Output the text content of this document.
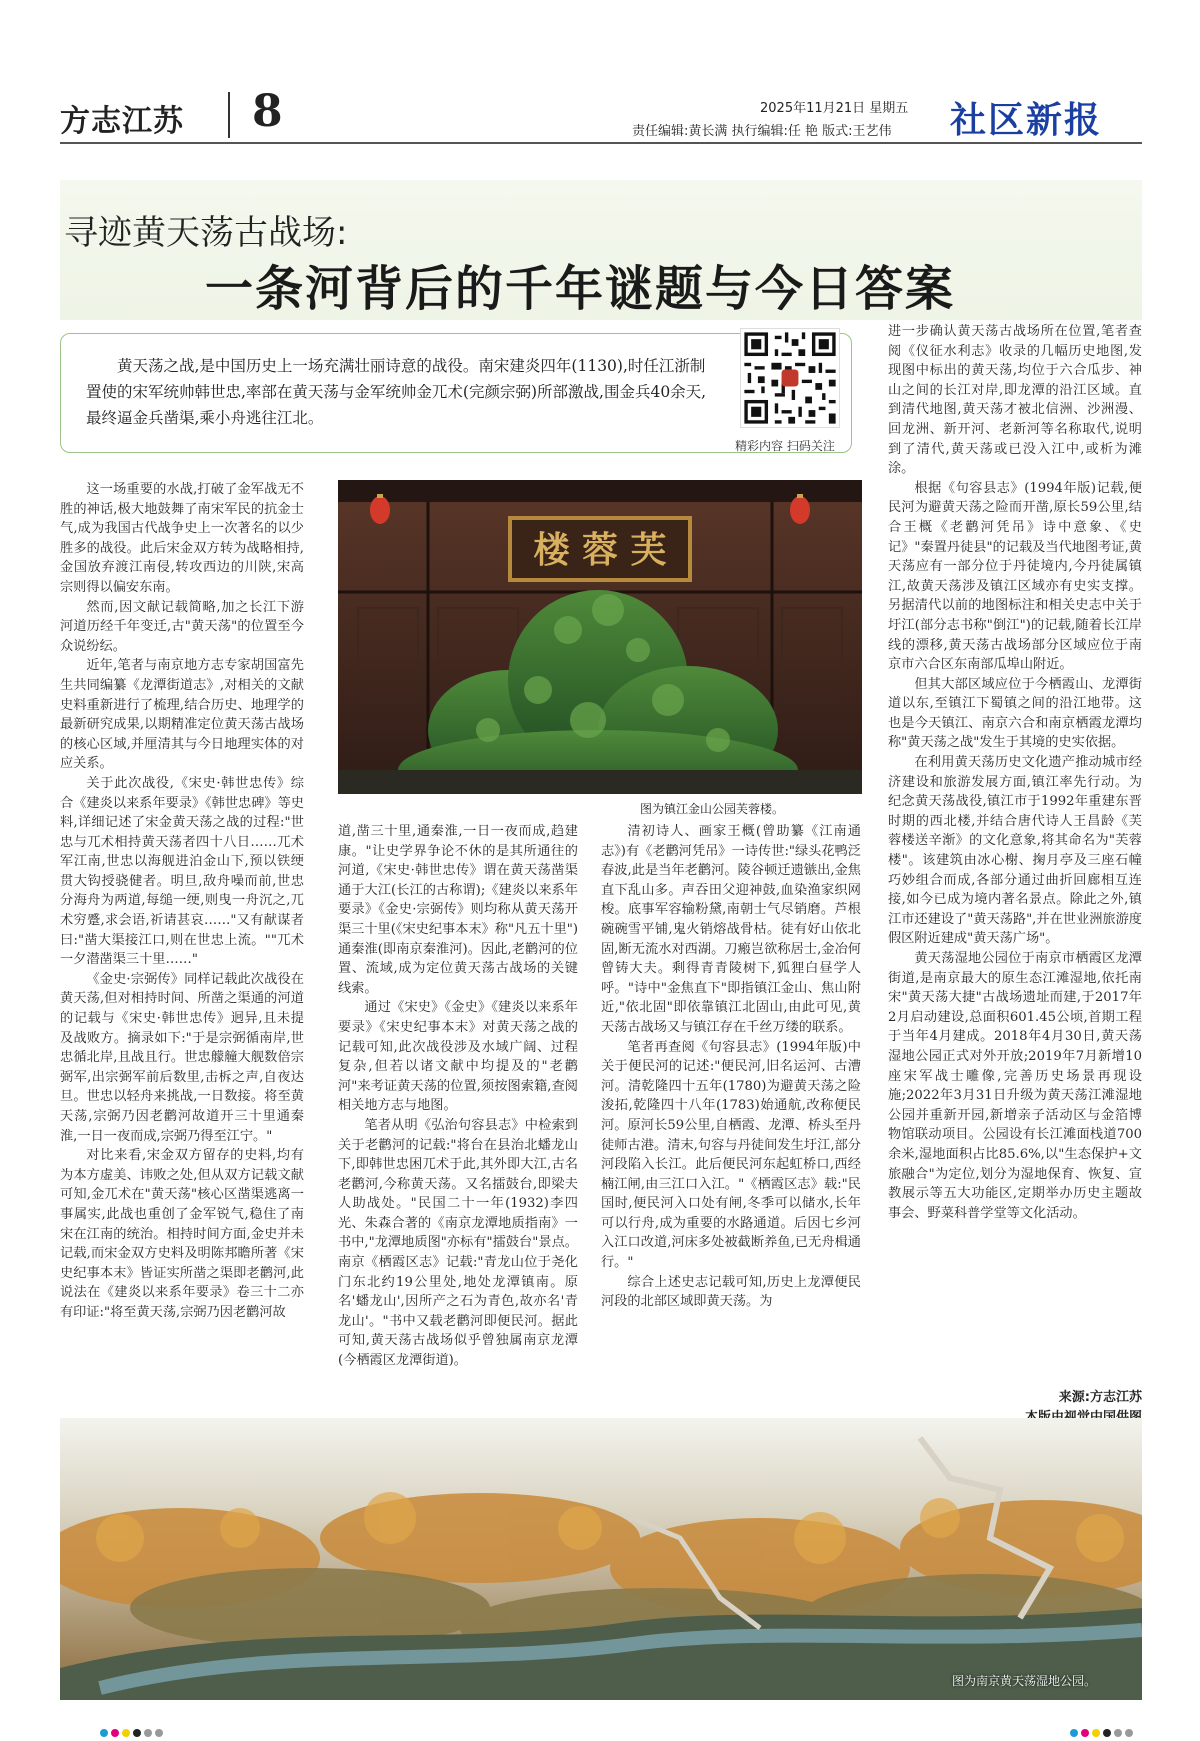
方志江苏 8	2025年11月21日 星期五
责任编辑:黄长满 执行编辑:任 艳 版式:王艺伟 社区新报
寻迹黄天荡古战场:
一条河背后的千年谜题与今日答案
黄天荡之战,是中国历史上一场充满壮丽诗意的战役。南宋建炎四年(1130),时任江浙制置使的宋军统帅韩世忠,率部在黄天荡与金军统帅金兀术(完颜宗弼)所部激战,围金兵40余天,最终逼金兵凿渠,乘小舟逃往江北。
精彩内容 扫码关注
楼 蓉 芙
图为镇江金山公园芙蓉楼。

这一场重要的水战,打破了金军战无不胜的神话,极大地鼓舞了南宋军民的抗金士气,成为我国古代战争史上一次著名的以少胜多的战役。此后宋金双方转为战略相持,金国放弃渡江南侵,转攻西边的川陕,宋高宗则得以偏安东南。

然而,因文献记载简略,加之长江下游河道历经千年变迁,古"黄天荡"的位置至今众说纷纭。

近年,笔者与南京地方志专家胡国富先生共同编纂《龙潭街道志》,对相关的文献史料重新进行了梳理,结合历史、地理学的最新研究成果,以期精准定位黄天荡古战场的核心区域,并厘清其与今日地理实体的对应关系。

关于此次战役,《宋史·韩世忠传》综合《建炎以来系年要录》《韩世忠碑》等史料,详细记述了宋金黄天荡之战的过程:"世忠与兀术相持黄天荡者四十八日……兀术军江南,世忠以海舰进泊金山下,预以铁绠贯大钩授骁健者。明旦,敌舟噪而前,世忠分海舟为两道,每缒一绠,则曳一舟沉之,兀术穷蹙,求会语,祈请甚哀……"又有献谋者曰:"凿大渠接江口,则在世忠上流。""兀术一夕潜凿渠三十里……"

《金史·宗弼传》同样记载此次战役在黄天荡,但对相持时间、所凿之渠通的河道的记载与《宋史·韩世忠传》迥异,且未提及战败方。摘录如下:"于是宗弼循南岸,世忠循北岸,且战且行。世忠艨艟大舰数倍宗弼军,出宗弼军前后数里,击柝之声,自夜达旦。世忠以轻舟来挑战,一日数接。将至黄天荡,宗弼乃因老鹳河故道开三十里通秦淮,一日一夜而成,宗弼乃得至江宁。"

对比来看,宋金双方留存的史料,均有为本方虚美、讳败之处,但从双方记载文献可知,金兀术在"黄天荡"核心区凿渠逃离一事属实,此战也重创了金军锐气,稳住了南宋在江南的统治。相持时间方面,金史并未记载,而宋金双方史料及明陈邦瞻所著《宋史纪事本末》皆证实所凿之渠即老鹳河,此说法在《建炎以来系年要录》卷三十二亦有印证:"将至黄天荡,宗弼乃因老鹳河故

道,凿三十里,通秦淮,一日一夜而成,趋建康。"让史学界争论不休的是其所通往的河道,《宋史·韩世忠传》谓在黄天荡凿渠通于大江(长江的古称谓);《建炎以来系年要录》《金史·宗弼传》则均称从黄天荡开渠三十里(《宋史纪事本末》称"凡五十里")通秦淮(即南京秦淮河)。因此,老鹳河的位置、流域,成为定位黄天荡古战场的关键线索。

通过《宋史》《金史》《建炎以来系年要录》《宋史纪事本末》对黄天荡之战的记载可知,此次战役涉及水域广阔、过程复杂,但若以诸文献中均提及的"老鹳河"来考证黄天荡的位置,须按图索籍,查阅相关地方志与地图。

笔者从明《弘治句容县志》中检索到关于老鹳河的记载:"将台在县治北蟠龙山下,即韩世忠困兀术于此,其外即大江,古名老鹳河,今称黄天荡。又名擂鼓台,即梁夫人助战处。"民国二十一年(1932)李四光、朱森合著的《南京龙潭地质指南》一书中,"龙潭地质图"亦标有"擂鼓台"景点。南京《栖霞区志》记载:"青龙山位于尧化门东北约19公里处,地处龙潭镇南。原名'蟠龙山',因所产之石为青色,故亦名'青龙山'。"书中又载老鹳河即便民河。据此可知,黄天荡古战场似乎曾独属南京龙潭(今栖霞区龙潭街道)。

清初诗人、画家王概(曾助纂《江南通志》)有《老鹳河凭吊》一诗传世:"绿头花鸭泛春波,此是当年老鹳河。陵谷顿迁遗镞出,金焦直下乱山多。声吞田父迎神鼓,血染渔家织网梭。底事军容输粉黛,南朝士气尽销磨。芦根碗碗雪平铺,鬼火销熔战骨枯。徒有好山依北固,断无流水对西湖。刀瘢岂欲称居士,金冶何曾铸大夫。剩得青青陵树下,狐狸白昼学人呼。"诗中"金焦直下"即指镇江金山、焦山附近,"依北固"即依靠镇江北固山,由此可见,黄天荡古战场又与镇江存在千丝万缕的联系。

笔者再查阅《句容县志》(1994年版)中关于便民河的记述:"便民河,旧名运河、古漕河。清乾隆四十五年(1780)为避黄天荡之险浚拓,乾隆四十八年(1783)始通航,改称便民河。原河长59公里,自栖霞、龙潭、桥头至丹徒师古港。清末,句容与丹徒间发生圩江,部分河段陷入长江。此后便民河东起虹桥口,西经楠江闸,由三江口入江。"《栖霞区志》载:"民国时,便民河入口处有闸,冬季可以储水,长年可以行舟,成为重要的水路通道。后因七乡河入江口改道,河床多处被截断养鱼,已无舟楫通行。"

综合上述史志记载可知,历史上龙潭便民河段的北部区域即黄天荡。为

进一步确认黄天荡古战场所在位置,笔者查阅《仪征水利志》收录的几幅历史地图,发现图中标出的黄天荡,均位于六合瓜步、神山之间的长江对岸,即龙潭的沿江区域。直到清代地图,黄天荡才被北信洲、沙洲漫、回龙洲、新开河、老新河等名称取代,说明到了清代,黄天荡或已没入江中,或析为滩涂。

根据《句容县志》(1994年版)记载,便民河为避黄天荡之险而开凿,原长59公里,结合王概《老鹳河凭吊》诗中意象、《史记》"秦置丹徒县"的记载及当代地图考证,黄天荡应有一部分位于丹徒境内,今丹徒属镇江,故黄天荡涉及镇江区域亦有史实支撑。另据清代以前的地图标注和相关史志中关于圩江(部分志书称"倒江")的记载,随着长江岸线的漂移,黄天荡古战场部分区域应位于南京市六合区东南部瓜埠山附近。

但其大部区域应位于今栖霞山、龙潭街道以东,至镇江下蜀镇之间的沿江地带。这也是今天镇江、南京六合和南京栖霞龙潭均称"黄天荡之战"发生于其境的史实依据。

在利用黄天荡历史文化遗产推动城市经济建设和旅游发展方面,镇江率先行动。为纪念黄天荡战役,镇江市于1992年重建东晋时期的西北楼,并结合唐代诗人王昌龄《芙蓉楼送辛渐》的文化意象,将其命名为"芙蓉楼"。该建筑由冰心榭、掬月亭及三座石幢巧妙组合而成,各部分通过曲折回廊相互连接,如今已成为境内著名景点。除此之外,镇江市还建设了"黄天荡路",并在世业洲旅游度假区附近建成"黄天荡广场"。

黄天荡湿地公园位于南京市栖霞区龙潭街道,是南京最大的原生态江滩湿地,依托南宋"黄天荡大捷"古战场遗址而建,于2017年2月启动建设,总面积601.45公顷,首期工程于当年4月建成。2018年4月30日,黄天荡湿地公园正式对外开放;2019年7月新增10座宋军战士雕像,完善历史场景再现设施;2022年3月31日升级为黄天荡江滩湿地公园并重新开园,新增亲子活动区与金箔博物馆联动项目。公园设有长江滩面栈道700余米,湿地面积占比85.6%,以"生态保护+文旅融合"为定位,划分为湿地保育、恢复、宣教展示等五大功能区,定期举办历史主题故事会、野菜科普学堂等文化活动。

来源:方志江苏
图为南京黄天荡湿地公园。
